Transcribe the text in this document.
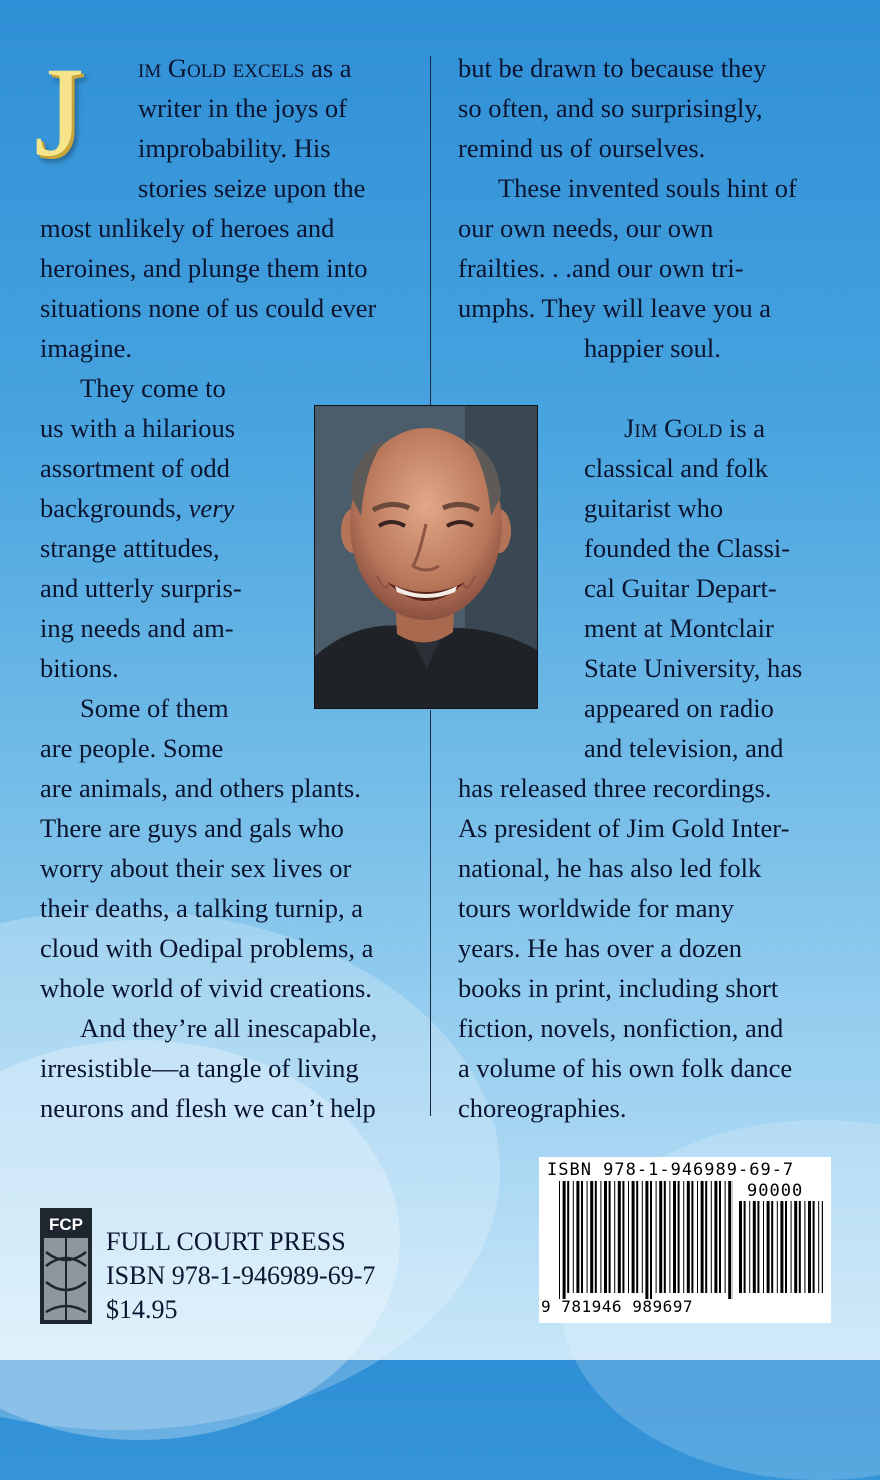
J	im Gold excels as a

writer in the joys of

improbability. His

stories seize upon the

most unlikely of heroes and

heroines, and plunge them into

situations none of us could ever

imagine.

They come to

us with a hilarious

assortment of odd

backgrounds, very

strange attitudes,

and utterly surpris-

ing needs and am-

bitions.

Some of them

are people. Some

are animals, and others plants.

There are guys and gals who

worry about their sex lives or

their deaths, a talking turnip, a

cloud with Oedipal problems, a

whole world of vivid creations.

And they’re all inescapable,

irresistible—a tangle of living

neurons and flesh we can’t help

but be drawn to because they

so often, and so surprisingly,

remind us of ourselves.

These invented souls hint of

our own needs, our own

frailties. . .and our own tri-

umphs. They will leave you a

happier soul.

Jim Gold is a

classical and folk

guitarist who

founded the Classi-

cal Guitar Depart-

ment at Montclair

State University, has

appeared on radio

and television, and

has released three recordings.

As president of Jim Gold Inter-

national, he has also led folk

tours worldwide for many

years. He has over a dozen

books in print, including short

fiction, novels, nonfiction, and

a volume of his own folk dance

choreographies.

ISBN 978-1-946989-69-7
90000
9 781946 989697
FCP
FULL COURT PRESS
ISBN 978-1-946989-69-7
$14.95
